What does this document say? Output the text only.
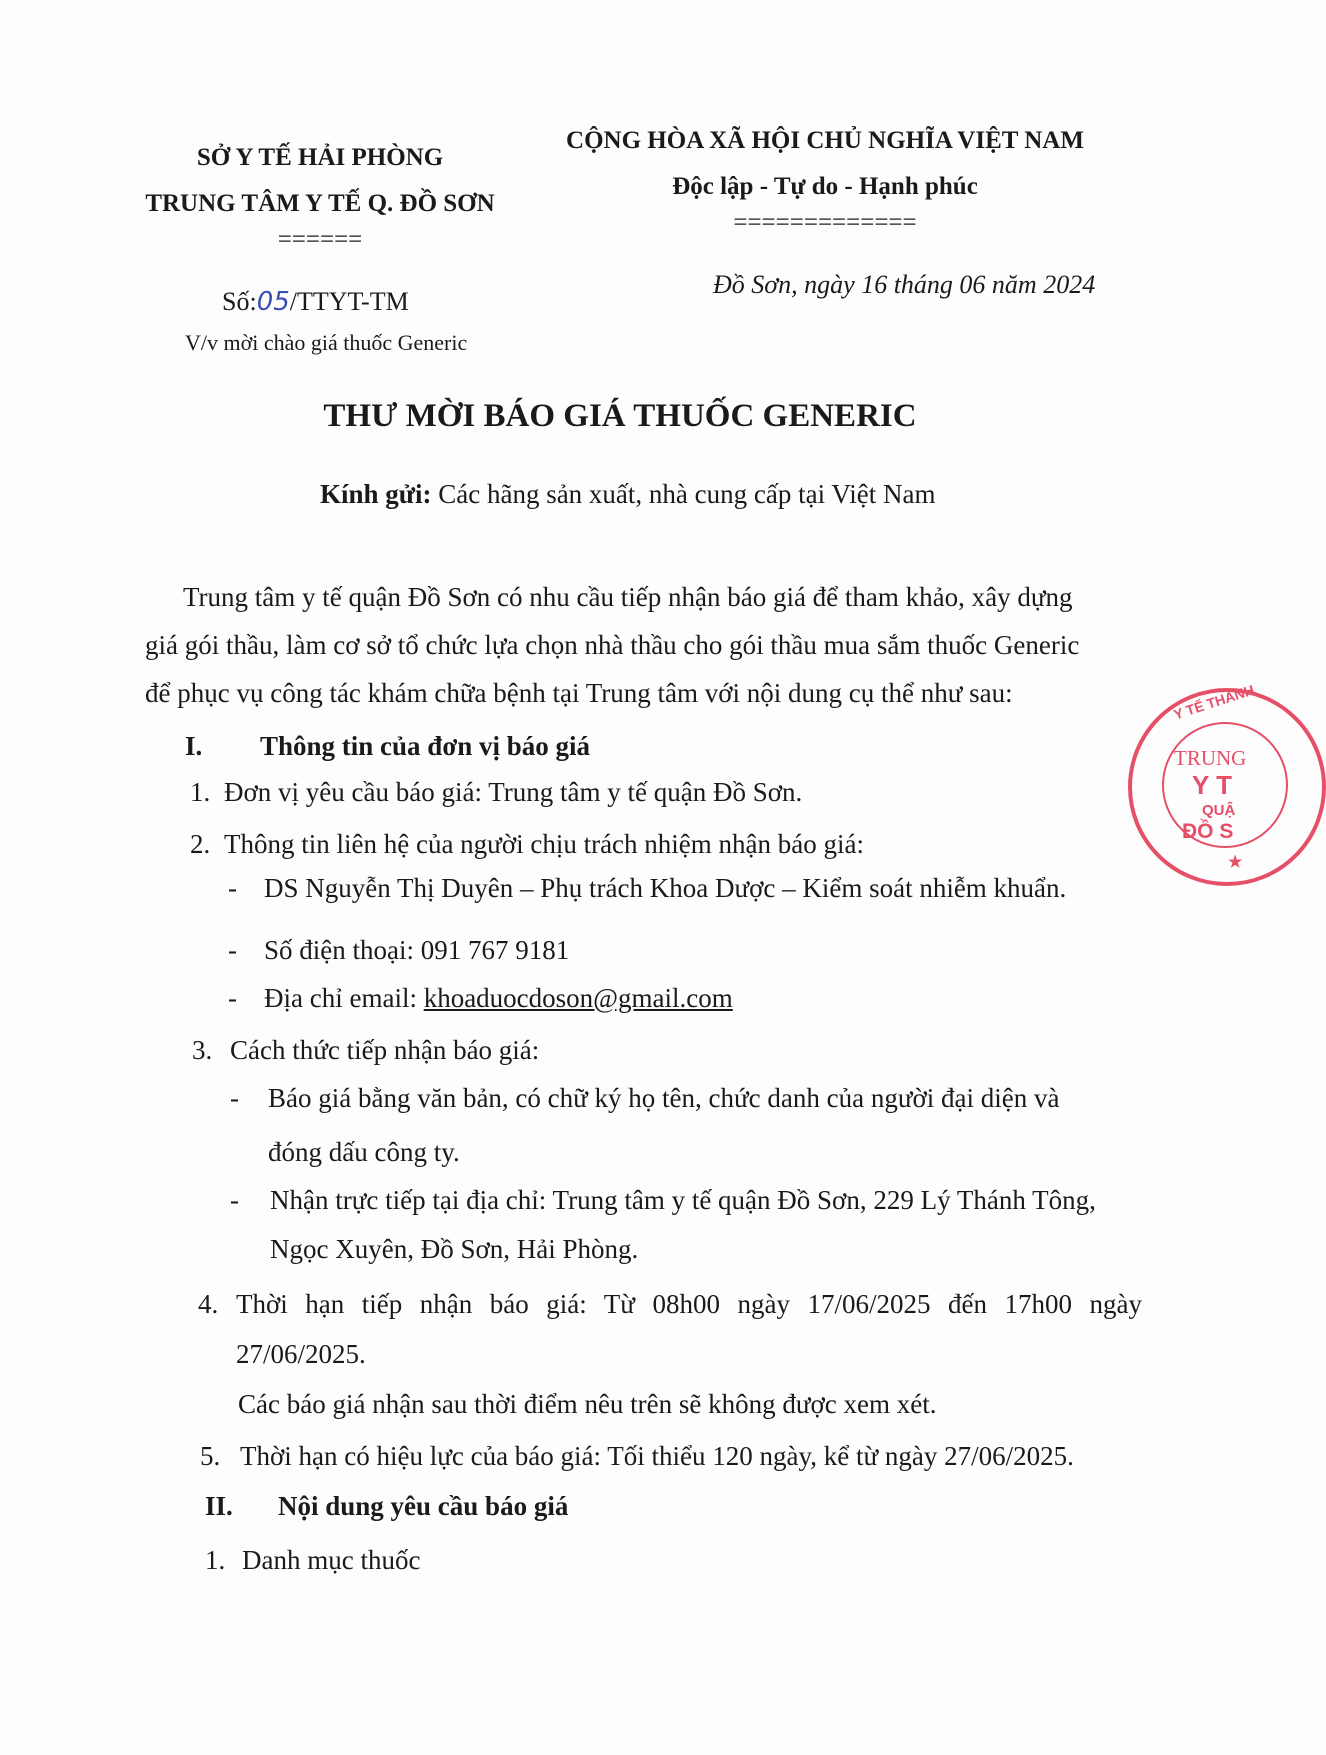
SỞ Y TẾ HẢI PHÒNG
TRUNG TÂM Y TẾ Q. ĐỒ SƠN
======
Số:05/TTYT-TM
V/v mời chào giá thuốc Generic
CỘNG HÒA XÃ HỘI CHỦ NGHĨA VIỆT NAM
Độc lập - Tự do - Hạnh phúc
=============
Đồ Sơn, ngày 16 tháng 06 năm 2024
THƯ MỜI BÁO GIÁ THUỐC GENERIC
Kính gửi: Các hãng sản xuất, nhà cung cấp tại Việt Nam
Trung tâm y tế quận Đồ Sơn có nhu cầu tiếp nhận báo giá để tham khảo, xây dựng
giá gói thầu, làm cơ sở tổ chức lựa chọn nhà thầu cho gói thầu mua sắm thuốc Generic
để phục vụ công tác khám chữa bệnh tại Trung tâm với nội dung cụ thể như sau:
I. Thông tin của đơn vị báo giá
1. Đơn vị yêu cầu báo giá: Trung tâm y tế quận Đồ Sơn.
2. Thông tin liên hệ của người chịu trách nhiệm nhận báo giá:
- DS Nguyễn Thị Duyên – Phụ trách Khoa Dược – Kiểm soát nhiễm khuẩn.
- Số điện thoại: 091 767 9181
- Địa chỉ email: khoaduocdoson@gmail.com
3. Cách thức tiếp nhận báo giá:
- Báo giá bằng văn bản, có chữ ký họ tên, chức danh của người đại diện và
đóng dấu công ty.
- Nhận trực tiếp tại địa chỉ: Trung tâm y tế quận Đồ Sơn, 229 Lý Thánh Tông,
Ngọc Xuyên, Đồ Sơn, Hải Phòng.
4. Thời hạn tiếp nhận báo giá: Từ 08h00 ngày 17/06/2025 đến 17h00 ngày
27/06/2025.
Các báo giá nhận sau thời điểm nêu trên sẽ không được xem xét.
5. Thời hạn có hiệu lực của báo giá: Tối thiểu 120 ngày, kể từ ngày 27/06/2025.
II. Nội dung yêu cầu báo giá
1. Danh mục thuốc
Y TẾ THÀNH
TRUNG
Y T
QUẬ
ĐỒ S
★
